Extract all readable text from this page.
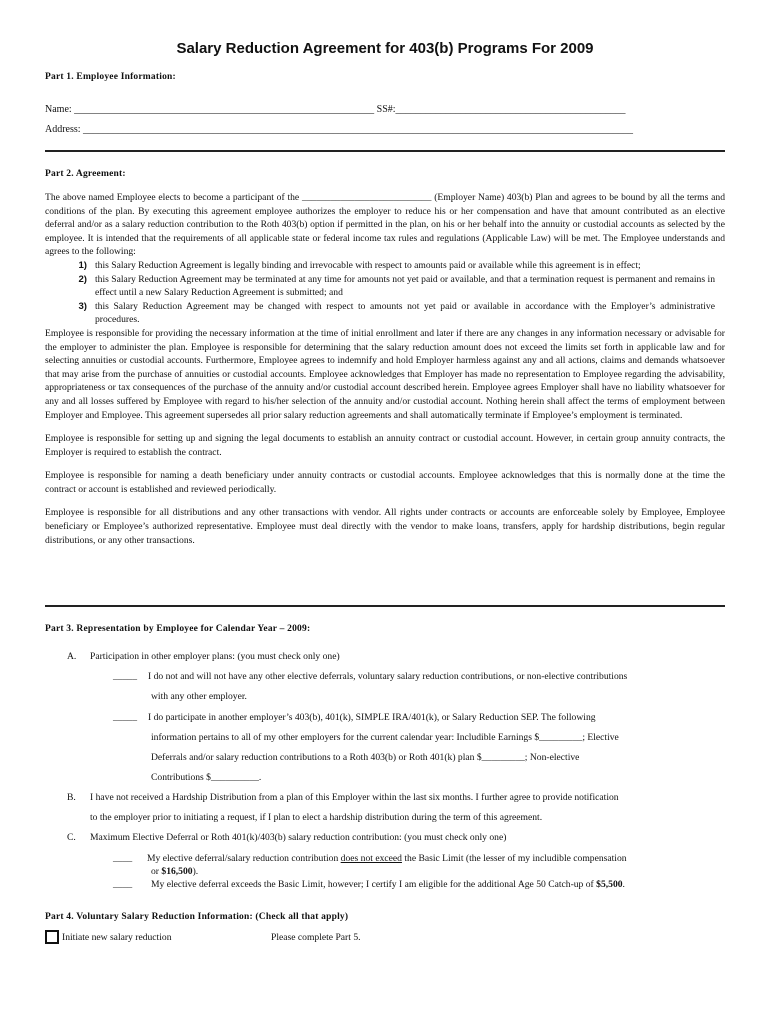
Salary Reduction Agreement for 403(b) Programs For 2009
Part 1. Employee Information:
Name: ____________________________________________________________ SS#:______________________________________________
Address: ______________________________________________________________________________________________________________
Part 2. Agreement:

The above named Employee elects to become a participant of the ___________________________ (Employer Name) 403(b) Plan and agrees to be bound by all the terms and conditions of the plan. By executing this agreement employee authorizes the employer to reduce his or her compensation and have that amount contributed as an elective deferral and/or as a salary reduction contribution to the Roth 403(b) option if permitted in the plan, on his or her behalf into the annuity or custodial accounts as selected by the employee. It is intended that the requirements of all applicable state or federal income tax rules and regulations (Applicable Law) will be met. The Employee understands and agrees to the following:

1) this Salary Reduction Agreement is legally binding and irrevocable with respect to amounts paid or available while this agreement is in effect;
2) this Salary Reduction Agreement may be terminated at any time for amounts not yet paid or available, and that a termination request is permanent and remains in effect until a new Salary Reduction Agreement is submitted; and
3) this Salary Reduction Agreement may be changed with respect to amounts not yet paid or available in accordance with the Employer’s administrative procedures.

Employee is responsible for providing the necessary information at the time of initial enrollment and later if there are any changes in any information necessary or advisable for the employer to administer the plan. Employee is responsible for determining that the salary reduction amount does not exceed the limits set forth in applicable law and for selecting annuities or custodial accounts. Furthermore, Employee agrees to indemnify and hold Employer harmless against any and all actions, claims and demands whatsoever that may arise from the purchase of annuities or custodial accounts. Employee acknowledges that Employer has made no representation to Employee regarding the advisability, appropriateness or tax consequences of the purchase of the annuity and/or custodial account described herein. Employee agrees Employer shall have no liability whatsoever for any and all losses suffered by Employee with regard to his/her selection of the annuity and/or custodial account. Nothing herein shall affect the terms of employment between Employer and Employee. This agreement supersedes all prior salary reduction agreements and shall automatically terminate if Employee’s employment is terminated.

Employee is responsible for setting up and signing the legal documents to establish an annuity contract or custodial account. However, in certain group annuity contracts, the Employer is required to establish the contract.

Employee is responsible for naming a death beneficiary under annuity contracts or custodial accounts. Employee acknowledges that this is normally done at the time the contract or account is established and reviewed periodically.

Employee is responsible for all distributions and any other transactions with vendor. All rights under contracts or accounts are enforceable solely by Employee, Employee beneficiary or Employee’s authorized representative. Employee must deal directly with the vendor to make loans, transfers, apply for hardship distributions, begin regular distributions, or any other transactions.

Part 3. Representation by Employee for Calendar Year – 2009:
A. Participation in other employer plans: (you must check only one)
_____ I do not and will not have any other elective deferrals, voluntary salary reduction contributions, or non-elective contributions
with any other employer.
_____ I do participate in another employer’s 403(b), 401(k), SIMPLE IRA/401(k), or Salary Reduction SEP. The following
information pertains to all of my other employers for the current calendar year: Includible Earnings $_________; Elective
Deferrals and/or salary reduction contributions to a Roth 403(b) or Roth 401(k) plan $_________; Non-elective
Contributions $__________.
B. I have not received a Hardship Distribution from a plan of this Employer within the last six months. I further agree to provide notification
to the employer prior to initiating a request, if I plan to elect a hardship distribution during the term of this agreement.
C. Maximum Elective Deferral or Roth 401(k)/403(b) salary reduction contribution: (you must check only one)
____ My elective deferral/salary reduction contribution does not exceed the Basic Limit (the lesser of my includible compensation
or $16,500).
____ My elective deferral exceeds the Basic Limit, however; I certify I am eligible for the additional Age 50 Catch-up of $5,500.
Part 4. Voluntary Salary Reduction Information: (Check all that apply)
Initiate new salary reduction	Please complete Part 5.
